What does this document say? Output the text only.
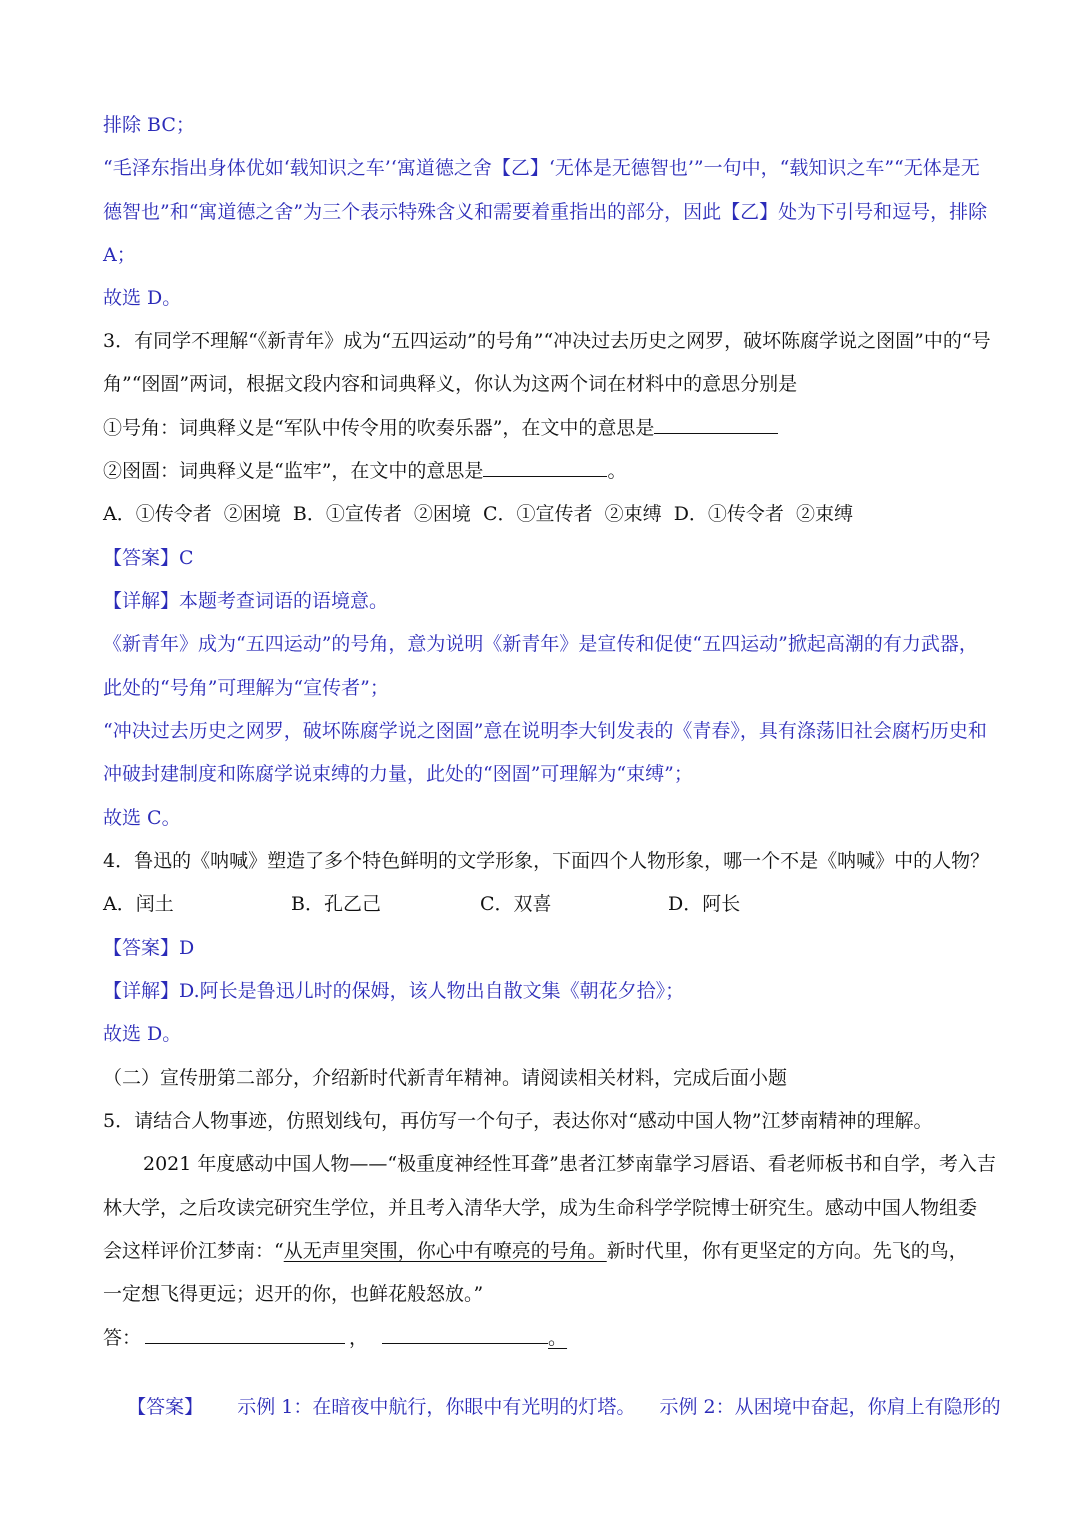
排除 BC；
“毛泽东指出身体优如‘载知识之车’‘寓道德之舍【乙】‘无体是无德智也’”一句中，“载知识之车”“无体是无
德智也”和“寓道德之舍”为三个表示特殊含义和需要着重指出的部分，因此【乙】处为下引号和逗号，排除
A；
故选 D。
3．有同学不理解“《新青年》成为“五四运动”的号角”“冲决过去历史之网罗，破坏陈腐学说之囹圄”中的“号
角”“囹圄”两词，根据文段内容和词典释义，你认为这两个词在材料中的意思分别是
①号角：词典释义是“军队中传令用的吹奏乐器”，在文中的意思是
②囹圄：词典释义是“监牢”，在文中的意思是	。
A．①传令者  ②困境  B．①宣传者  ②困境  C．①宣传者  ②束缚  D．①传令者  ②束缚
【答案】C
【详解】本题考查词语的语境意。
《新青年》成为“五四运动”的号角，意为说明《新青年》是宣传和促使“五四运动”掀起高潮的有力武器，
此处的“号角”可理解为“宣传者”；
“冲决过去历史之网罗，破坏陈腐学说之囹圄”意在说明李大钊发表的《青春》，具有涤荡旧社会腐朽历史和
冲破封建制度和陈腐学说束缚的力量，此处的“囹圄”可理解为“束缚”；
故选 C。
4．鲁迅的《呐喊》塑造了多个特色鲜明的文学形象，下面四个人物形象，哪一个不是《呐喊》中的人物？
A．闰土	B．孔乙己	C．双喜	D．阿长
【答案】D
【详解】D.阿长是鲁迅儿时的保姆，该人物出自散文集《朝花夕拾》；
故选 D。
（二）宣传册第二部分，介绍新时代新青年精神。请阅读相关材料，完成后面小题
5．请结合人物事迹，仿照划线句，再仿写一个句子，表达你对“感动中国人物”江梦南精神的理解。
2021 年度感动中国人物——“极重度神经性耳聋”患者江梦南靠学习唇语、看老师板书和自学，考入吉
林大学，之后攻读完研究生学位，并且考入清华大学，成为生命科学学院博士研究生。感动中国人物组委
会这样评价江梦南：“从无声里突围，你心中有嘹亮的号角。新时代里，你有更坚定的方向。先飞的鸟，
一定想飞得更远；迟开的你，也鲜花般怒放。”
答：	，	。

【答案】 示例 1：在暗夜中航行，你眼中有光明的灯塔。    示例 2：从困境中奋起，你肩上有隐形的
